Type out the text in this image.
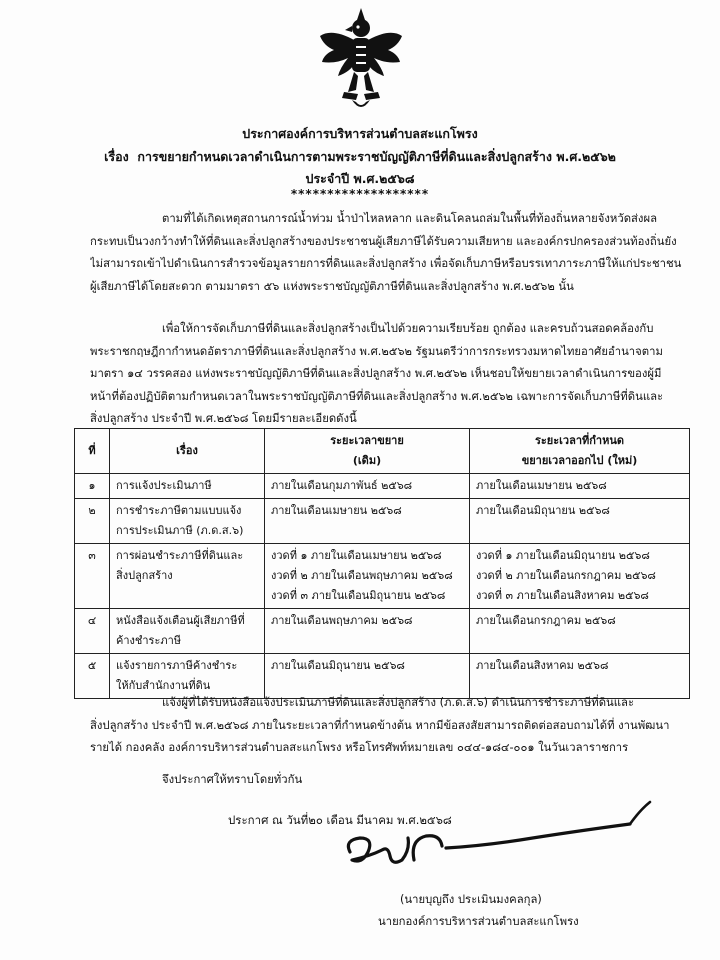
ประกาศองค์การบริหารส่วนตำบลสะแกโพรง
เรื่อง การขยายกำหนดเวลาดำเนินการตามพระราชบัญญัติภาษีที่ดินและสิ่งปลูกสร้าง พ.ศ.๒๕๖๒
ประจำปี พ.ศ.๒๕๖๘
*******************
ตามที่ได้เกิดเหตุสถานการณ์น้ำท่วม น้ำป่าไหลหลาก และดินโคลนถล่มในพื้นที่ท้องถิ่นหลายจังหวัดส่งผล
กระทบเป็นวงกว้างทำให้ที่ดินและสิ่งปลูกสร้างของประชาชนผู้เสียภาษีได้รับความเสียหาย และองค์กรปกครองส่วนท้องถิ่นยัง
ไม่สามารถเข้าไปดำเนินการสำรวจข้อมูลรายการที่ดินและสิ่งปลูกสร้าง เพื่อจัดเก็บภาษีหรือบรรเทาภาระภาษีให้แก่ประชาชน
ผู้เสียภาษีได้โดยสะดวก ตามมาตรา ๕๖ แห่งพระราชบัญญัติภาษีที่ดินและสิ่งปลูกสร้าง พ.ศ.๒๕๖๒ นั้น
เพื่อให้การจัดเก็บภาษีที่ดินและสิ่งปลูกสร้างเป็นไปด้วยความเรียบร้อย ถูกต้อง และครบถ้วนสอดคล้องกับ
พระราชกฤษฎีกากำหนดอัตราภาษีที่ดินและสิ่งปลูกสร้าง พ.ศ.๒๕๖๒ รัฐมนตรีว่าการกระทรวงมหาดไทยอาศัยอำนาจตาม
มาตรา ๑๔ วรรคสอง แห่งพระราชบัญญัติภาษีที่ดินและสิ่งปลูกสร้าง พ.ศ.๒๕๖๒ เห็นชอบให้ขยายเวลาดำเนินการของผู้มี
หน้าที่ต้องปฏิบัติตามกำหนดเวลาในพระราชบัญญัติภาษีที่ดินและสิ่งปลูกสร้าง พ.ศ.๒๕๖๒ เฉพาะการจัดเก็บภาษีที่ดินและ
สิ่งปลูกสร้าง ประจำปี พ.ศ.๒๕๖๘ โดยมีรายละเอียดดังนี้
ที่	เรื่อง	ระยะเวลาขยาย
(เดิม)	ระยะเวลาที่กำหนด
ขยายเวลาออกไป (ใหม่)
๑	การแจ้งประเมินภาษี	ภายในเดือนกุมภาพันธ์ ๒๕๖๘	ภายในเดือนเมษายน ๒๕๖๘

๒	การชำระภาษีตามแบบแจ้ง
การประเมินภาษี (ภ.ด.ส.๖)	ภายในเดือนเมษายน ๒๕๖๘	ภายในเดือนมิถุนายน ๒๕๖๘

๓	การผ่อนชำระภาษีที่ดินและ
สิ่งปลูกสร้าง	งวดที่ ๑ ภายในเดือนเมษายน ๒๕๖๘
งวดที่ ๒ ภายในเดือนพฤษภาคม ๒๕๖๘
งวดที่ ๓ ภายในเดือนมิถุนายน ๒๕๖๘	งวดที่ ๑ ภายในเดือนมิถุนายน ๒๕๖๘
งวดที่ ๒ ภายในเดือนกรกฎาคม ๒๕๖๘
งวดที่ ๓ ภายในเดือนสิงหาคม ๒๕๖๘

๔	หนังสือแจ้งเตือนผู้เสียภาษีที่
ค้างชำระภาษี	ภายในเดือนพฤษภาคม ๒๕๖๘	ภายในเดือนกรกฎาคม ๒๕๖๘

๕	แจ้งรายการภาษีค้างชำระ
ให้กับสำนักงานที่ดิน	ภายในเดือนมิถุนายน ๒๕๖๘	ภายในเดือนสิงหาคม ๒๕๖๘
แจ้งผู้ที่ได้รับหนังสือแจ้งประเมินภาษีที่ดินและสิ่งปลูกสร้าง (ภ.ด.ส.๖) ดำเนินการชำระภาษีที่ดินและ
สิ่งปลูกสร้าง ประจำปี พ.ศ.๒๕๖๘ ภายในระยะเวลาที่กำหนดข้างต้น หากมีข้อสงสัยสามารถติดต่อสอบถามได้ที่ งานพัฒนา
รายได้ กองคลัง องค์การบริหารส่วนตำบลสะแกโพรง หรือโทรศัพท์หมายเลข ๐๔๔-๑๘๔-๐๐๑ ในวันเวลาราชการ
จึงประกาศให้ทราบโดยทั่วกัน
ประกาศ ณ วันที่๒๐ เดือน มีนาคม พ.ศ.๒๕๖๘
(นายบุญถึง ประเมินมงคลกุล)
นายกองค์การบริหารส่วนตำบลสะแกโพรง
